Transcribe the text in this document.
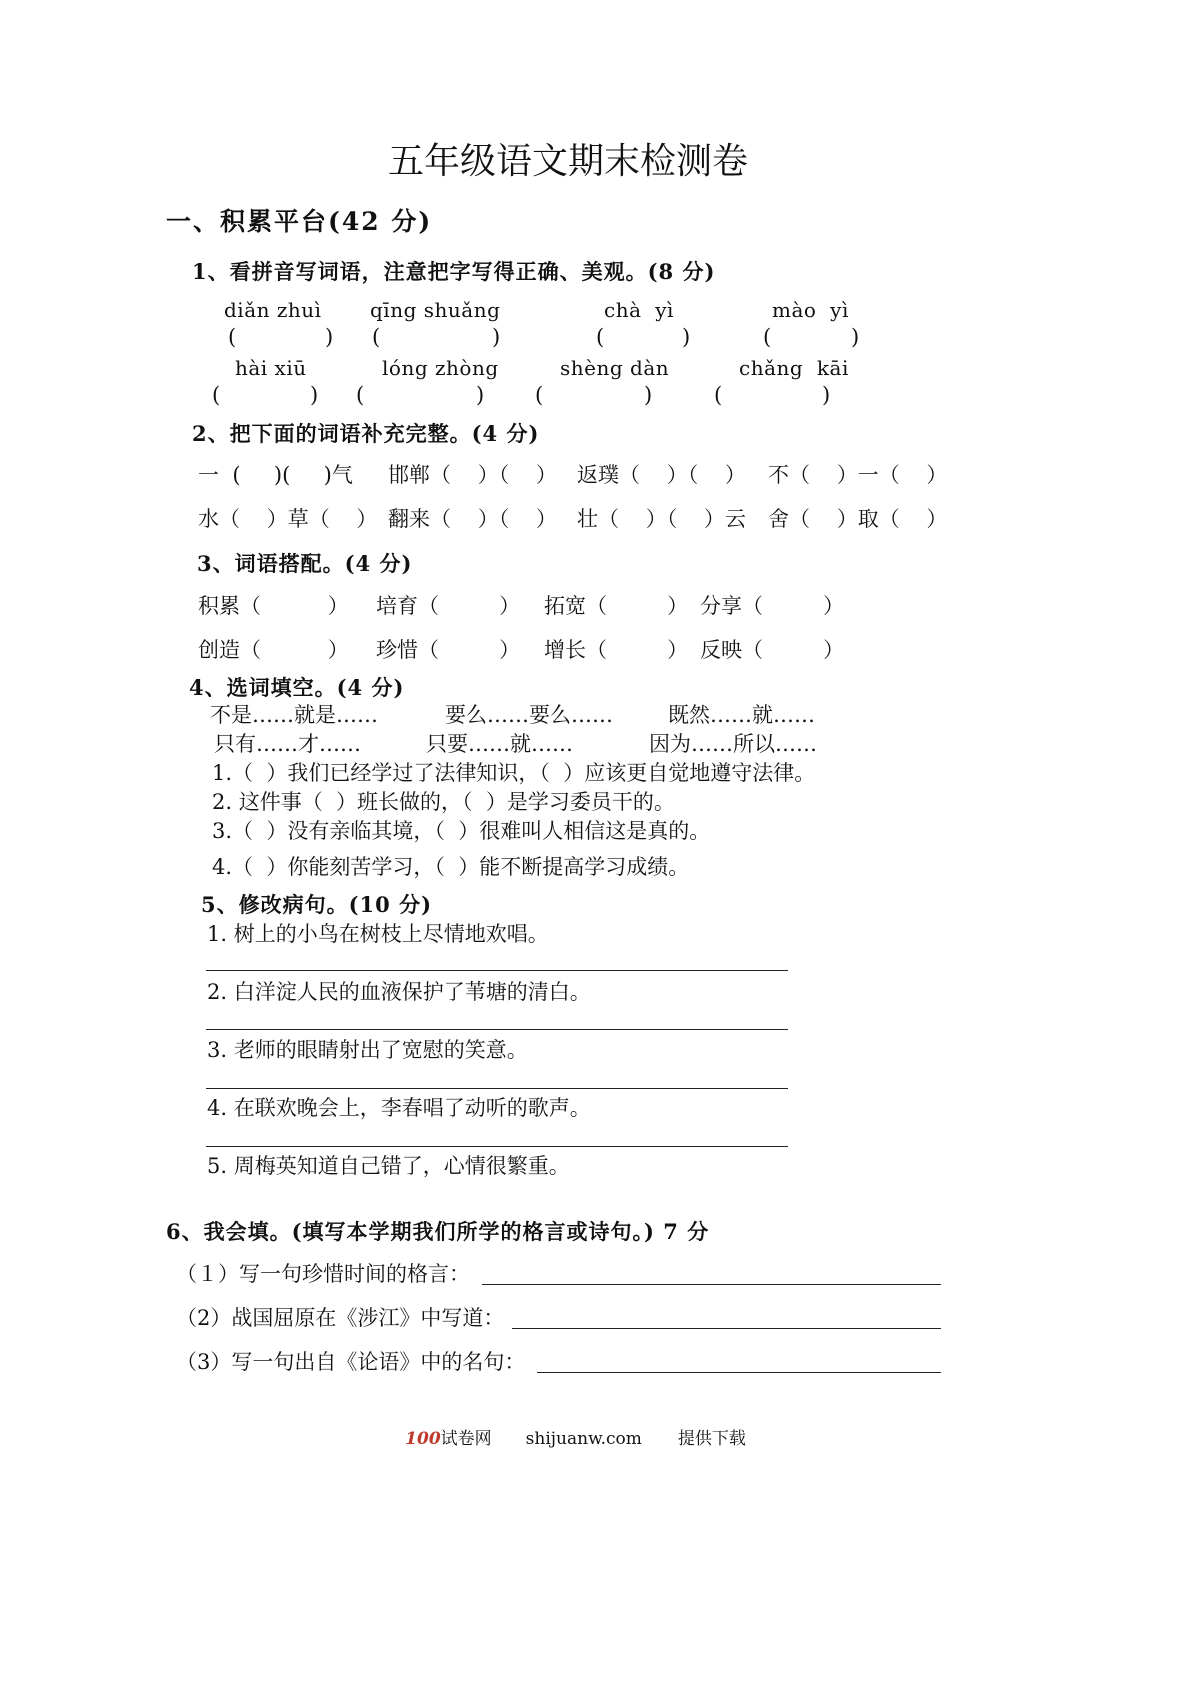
五年级语文期末检测卷
一、积累平台(42 分)
1、看拼音写词语，注意把字写得正确、美观。(8 分)
diǎn zhuì qīng shuǎng	chà  yì	mào  yì
(	) (	)	(	)	(	)
hài xiū	lóng zhòng	shèng dàn	chǎng  kāi
(	) (	) (	)	(	)
2、把下面的词语补充完整。(4 分)
一  (     )(     )气 邯郸（    ）（    ） 返璞（    ）（    ） 不（    ）一（    ）
水（    ）草（    ） 翻来（    ）（    ） 壮（    ）（    ）云 舍（    ）取（    ）
3、词语搭配。(4 分)
积累（          ） 培育（         ） 拓宽（         ） 分享（         ）
创造（          ） 珍惜（         ） 增长（         ） 反映（         ）
4、选词填空。(4 分)
不是……就是……	要么……要么……	既然……就……
只有……才……	只要……就……	因为……所以……
1.（  ）我们已经学过了法律知识，（  ）应该更自觉地遵守法律。
2. 这件事（  ）班长做的，（  ）是学习委员干的。
3.（  ）没有亲临其境，（  ）很难叫人相信这是真的。
4.（  ）你能刻苦学习，（  ）能不断提高学习成绩。
5、修改病句。(10 分)
1. 树上的小鸟在树枝上尽情地欢唱。
2. 白洋淀人民的血液保护了苇塘的清白。
3. 老师的眼睛射出了宽慰的笑意。
4. 在联欢晚会上，李春唱了动听的歌声。
5. 周梅英知道自己错了，心情很繁重。
6、我会填。(填写本学期我们所学的格言或诗句。) 7 分
（１）写一句珍惜时间的格言：
（2）战国屈原在《涉江》中写道：
（3）写一句出自《论语》中的名句：

100试卷网 shijuanw.com 提供下载
